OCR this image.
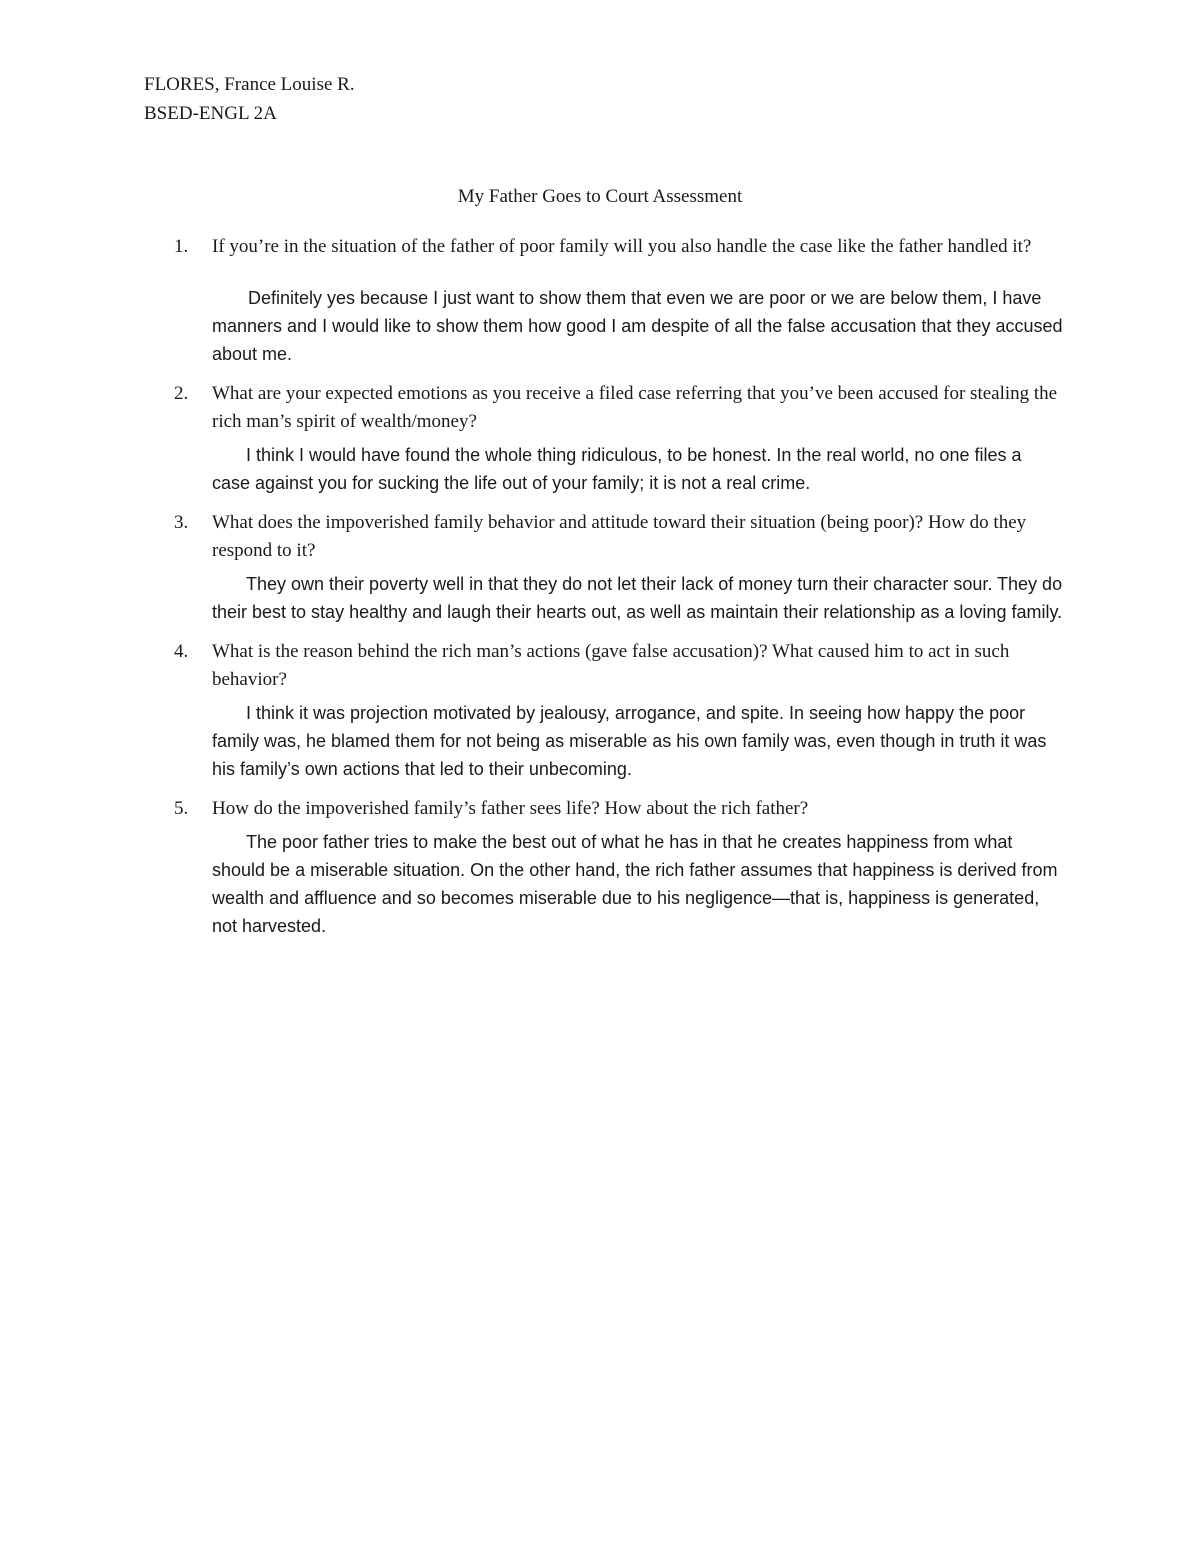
FLORES, France Louise R.
BSED-ENGL 2A
My Father Goes to Court Assessment
1. If you’re in the situation of the father of poor family will you also handle the case like the father handled it?
Definitely yes because I just want to show them that even we are poor or we are below them, I have manners and I would like to show them how good I am despite of all the false accusation that they accused about me.
2. What are your expected emotions as you receive a filed case referring that you’ve been accused for stealing the rich man’s spirit of wealth/money?
I think I would have found the whole thing ridiculous, to be honest. In the real world, no one files a case against you for sucking the life out of your family; it is not a real crime.
3. What does the impoverished family behavior and attitude toward their situation (being poor)? How do they respond to it?
They own their poverty well in that they do not let their lack of money turn their character sour. They do their best to stay healthy and laugh their hearts out, as well as maintain their relationship as a loving family.
4. What is the reason behind the rich man’s actions (gave false accusation)? What caused him to act in such behavior?
I think it was projection motivated by jealousy, arrogance, and spite. In seeing how happy the poor family was, he blamed them for not being as miserable as his own family was, even though in truth it was his family’s own actions that led to their unbecoming.
5. How do the impoverished family’s father sees life? How about the rich father?
The poor father tries to make the best out of what he has in that he creates happiness from what should be a miserable situation. On the other hand, the rich father assumes that happiness is derived from wealth and affluence and so becomes miserable due to his negligence—that is, happiness is generated, not harvested.
